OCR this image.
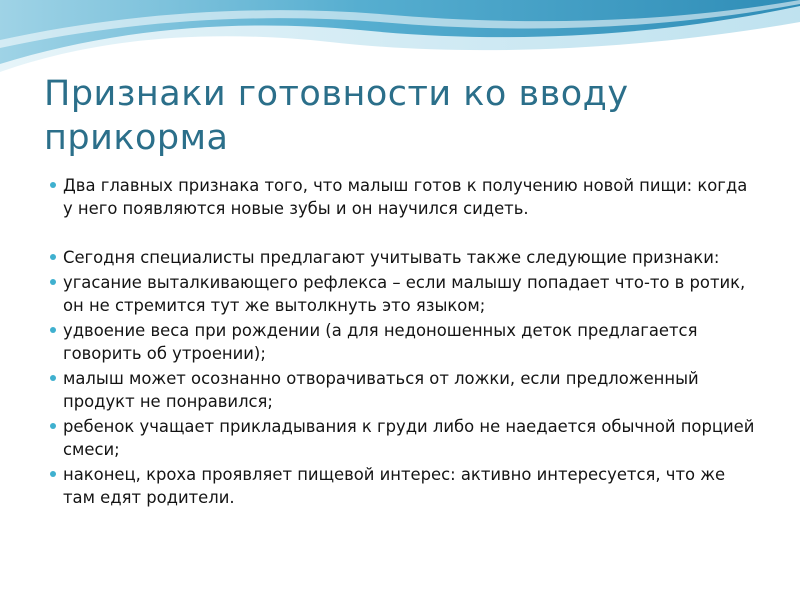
Признаки готовности ко вводу прикорма
Два главных признака того, что малыш готов к получению новой пищи: когда у него появляются новые зубы и он научился сидеть.
Сегодня специалисты предлагают учитывать также следующие признаки:
угасание выталкивающего рефлекса – если малышу попадает что-то в ротик, он не стремится тут же вытолкнуть это языком;
удвоение веса при рождении (а для недоношенных деток предлагается говорить об утроении);
малыш может осознанно отворачиваться от ложки, если предложенный продукт не понравился;
ребенок учащает прикладывания к груди либо не наедается обычной порцией смеси;
наконец, кроха проявляет пищевой интерес: активно интересуется, что же там едят родители.
